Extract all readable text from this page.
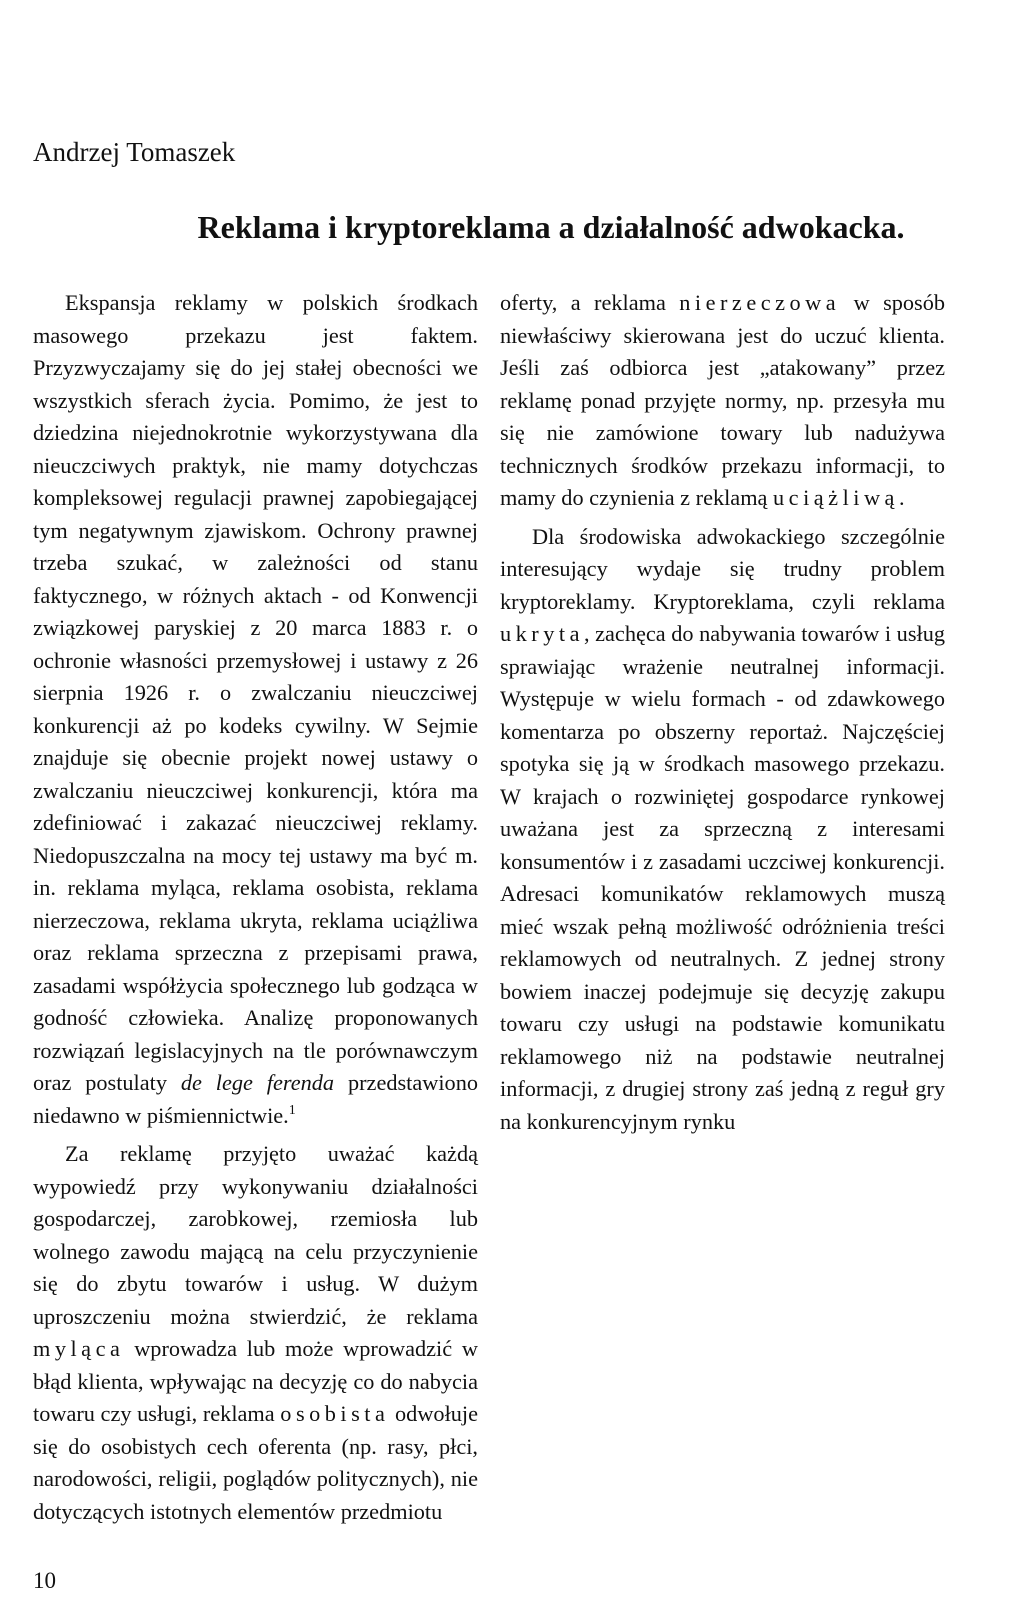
Andrzej Tomaszek
Reklama i kryptoreklama a działalność adwokacka.

Ekspansja reklamy w polskich środkach masowego przekazu jest faktem. Przyzwyczajamy się do jej stałej obecności we wszystkich sferach życia. Pomimo, że jest to dziedzina niejednokrotnie wykorzystywana dla nieuczciwych praktyk, nie mamy dotychczas kompleksowej regulacji prawnej zapobiegającej tym negatywnym zjawiskom. Ochrony prawnej trzeba szukać, w zależności od stanu faktycznego, w różnych aktach - od Konwencji związkowej paryskiej z 20 marca 1883 r. o ochronie własności przemysłowej i ustawy z 26 sierpnia 1926 r. o zwalczaniu nieuczciwej konkurencji aż po kodeks cywilny. W Sejmie znajduje się obecnie projekt nowej ustawy o zwalczaniu nieuczciwej konkurencji, która ma zdefiniować i zakazać nieuczciwej reklamy. Niedopuszczalna na mocy tej ustawy ma być m. in. reklama myląca, reklama osobista, reklama nierzeczowa, reklama ukryta, reklama uciążliwa oraz reklama sprzeczna z przepisami prawa, zasadami współżycia społecznego lub godząca w godność człowieka. Analizę proponowanych rozwiązań legislacyjnych na tle porównawczym oraz postulaty de lege ferenda przedstawiono niedawno w piśmiennictwie.$^1$

Za reklamę przyjęto uważać każdą wypowiedź przy wykonywaniu działalności gospodarczej, zarobkowej, rzemiosła lub wolnego zawodu mającą na celu przyczynienie się do zbytu towarów i usług. W dużym uproszczeniu można stwierdzić, że reklama myląca wprowadza lub może wprowadzić w błąd klienta, wpływając na decyzję co do nabycia towaru czy usługi, reklama osobista odwołuje się do osobistych cech oferenta (np. rasy, płci, narodowości, religii, poglądów politycznych), nie dotyczących istotnych elementów przedmiotu

oferty, a reklama nierzeczowa w sposób niewłaściwy skierowana jest do uczuć klienta. Jeśli zaś odbiorca jest „atakowany” przez reklamę ponad przyjęte normy, np. przesyła mu się nie zamówione towary lub nadużywa technicznych środków przekazu informacji, to mamy do czynienia z reklamą uciążliwą.

Dla środowiska adwokackiego szczególnie interesujący wydaje się trudny problem kryptoreklamy. Kryptoreklama, czyli reklama ukryta, zachęca do nabywania towarów i usług sprawiając wrażenie neutralnej informacji. Występuje w wielu formach - od zdawkowego komentarza po obszerny reportaż. Najczęściej spotyka się ją w środkach masowego przekazu. W krajach o rozwiniętej gospodarce rynkowej uważana jest za sprzeczną z interesami konsumentów i z zasadami uczciwej konkurencji. Adresaci komunikatów reklamowych muszą mieć wszak pełną możliwość odróżnienia treści reklamowych od neutralnych. Z jednej strony bowiem inaczej podejmuje się decyzję zakupu towaru czy usługi na podstawie komunikatu reklamowego niż na podstawie neutralnej informacji, z drugiej strony zaś jedną z reguł gry na konkurencyjnym rynku

10
